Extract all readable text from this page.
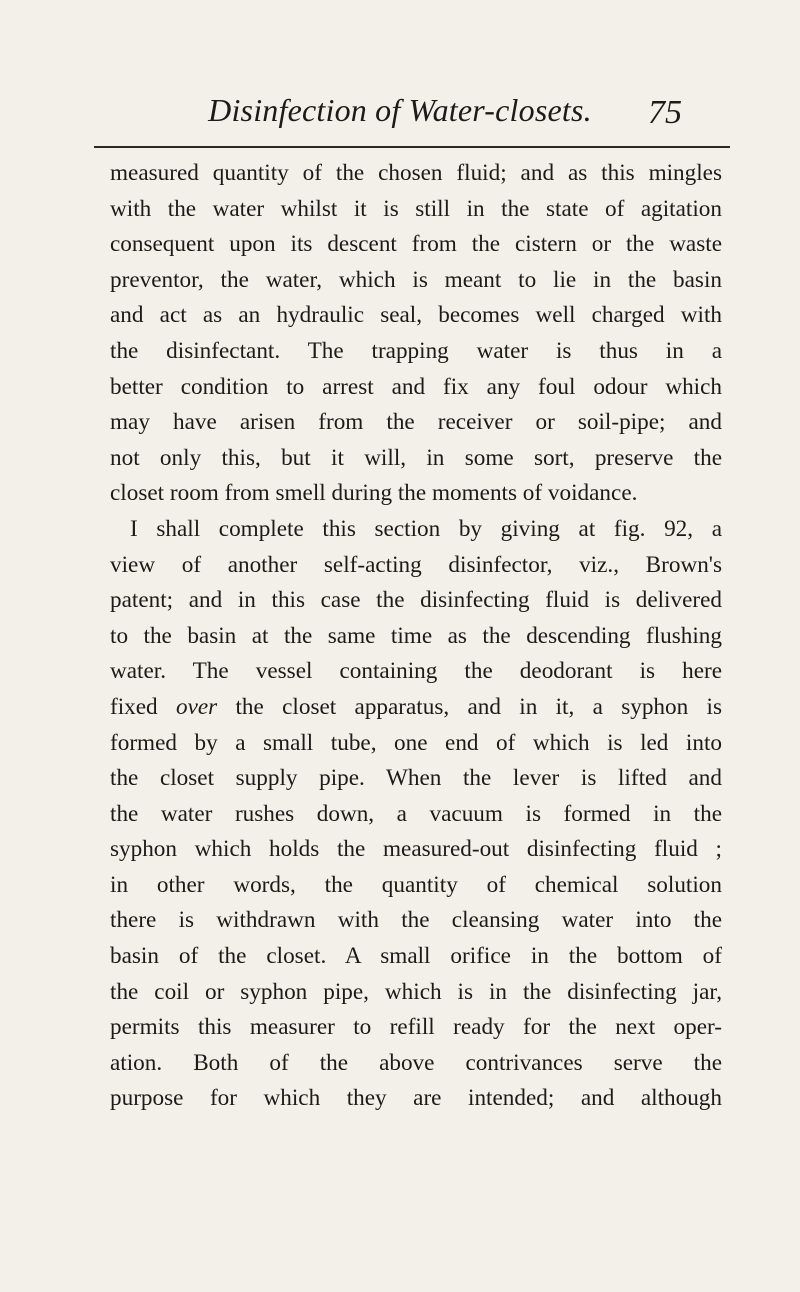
Disinfection of Water-closets.	75
measured quantity of the chosen fluid; and as this mingles
with the water whilst it is still in the state of agitation
consequent upon its descent from the cistern or the waste
preventor, the water, which is meant to lie in the basin
and act as an hydraulic seal, becomes well charged with
the disinfectant. The trapping water is thus in a
better condition to arrest and fix any foul odour which
may have arisen from the receiver or soil-pipe; and
not only this, but it will, in some sort, preserve the
closet room from smell during the moments of voidance.
I shall complete this section by giving at fig. 92, a
view of another self-acting disinfector, viz., Brown's
patent; and in this case the disinfecting fluid is delivered
to the basin at the same time as the descending flushing
water. The vessel containing the deodorant is here
fixed over the closet apparatus, and in it, a syphon is
formed by a small tube, one end of which is led into
the closet supply pipe. When the lever is lifted and
the water rushes down, a vacuum is formed in the
syphon which holds the measured-out disinfecting fluid ;
in other words, the quantity of chemical solution
there is withdrawn with the cleansing water into the
basin of the closet. A small orifice in the bottom of
the coil or syphon pipe, which is in the disinfecting jar,
permits this measurer to refill ready for the next oper-
ation. Both of the above contrivances serve the
purpose for which they are intended; and although
